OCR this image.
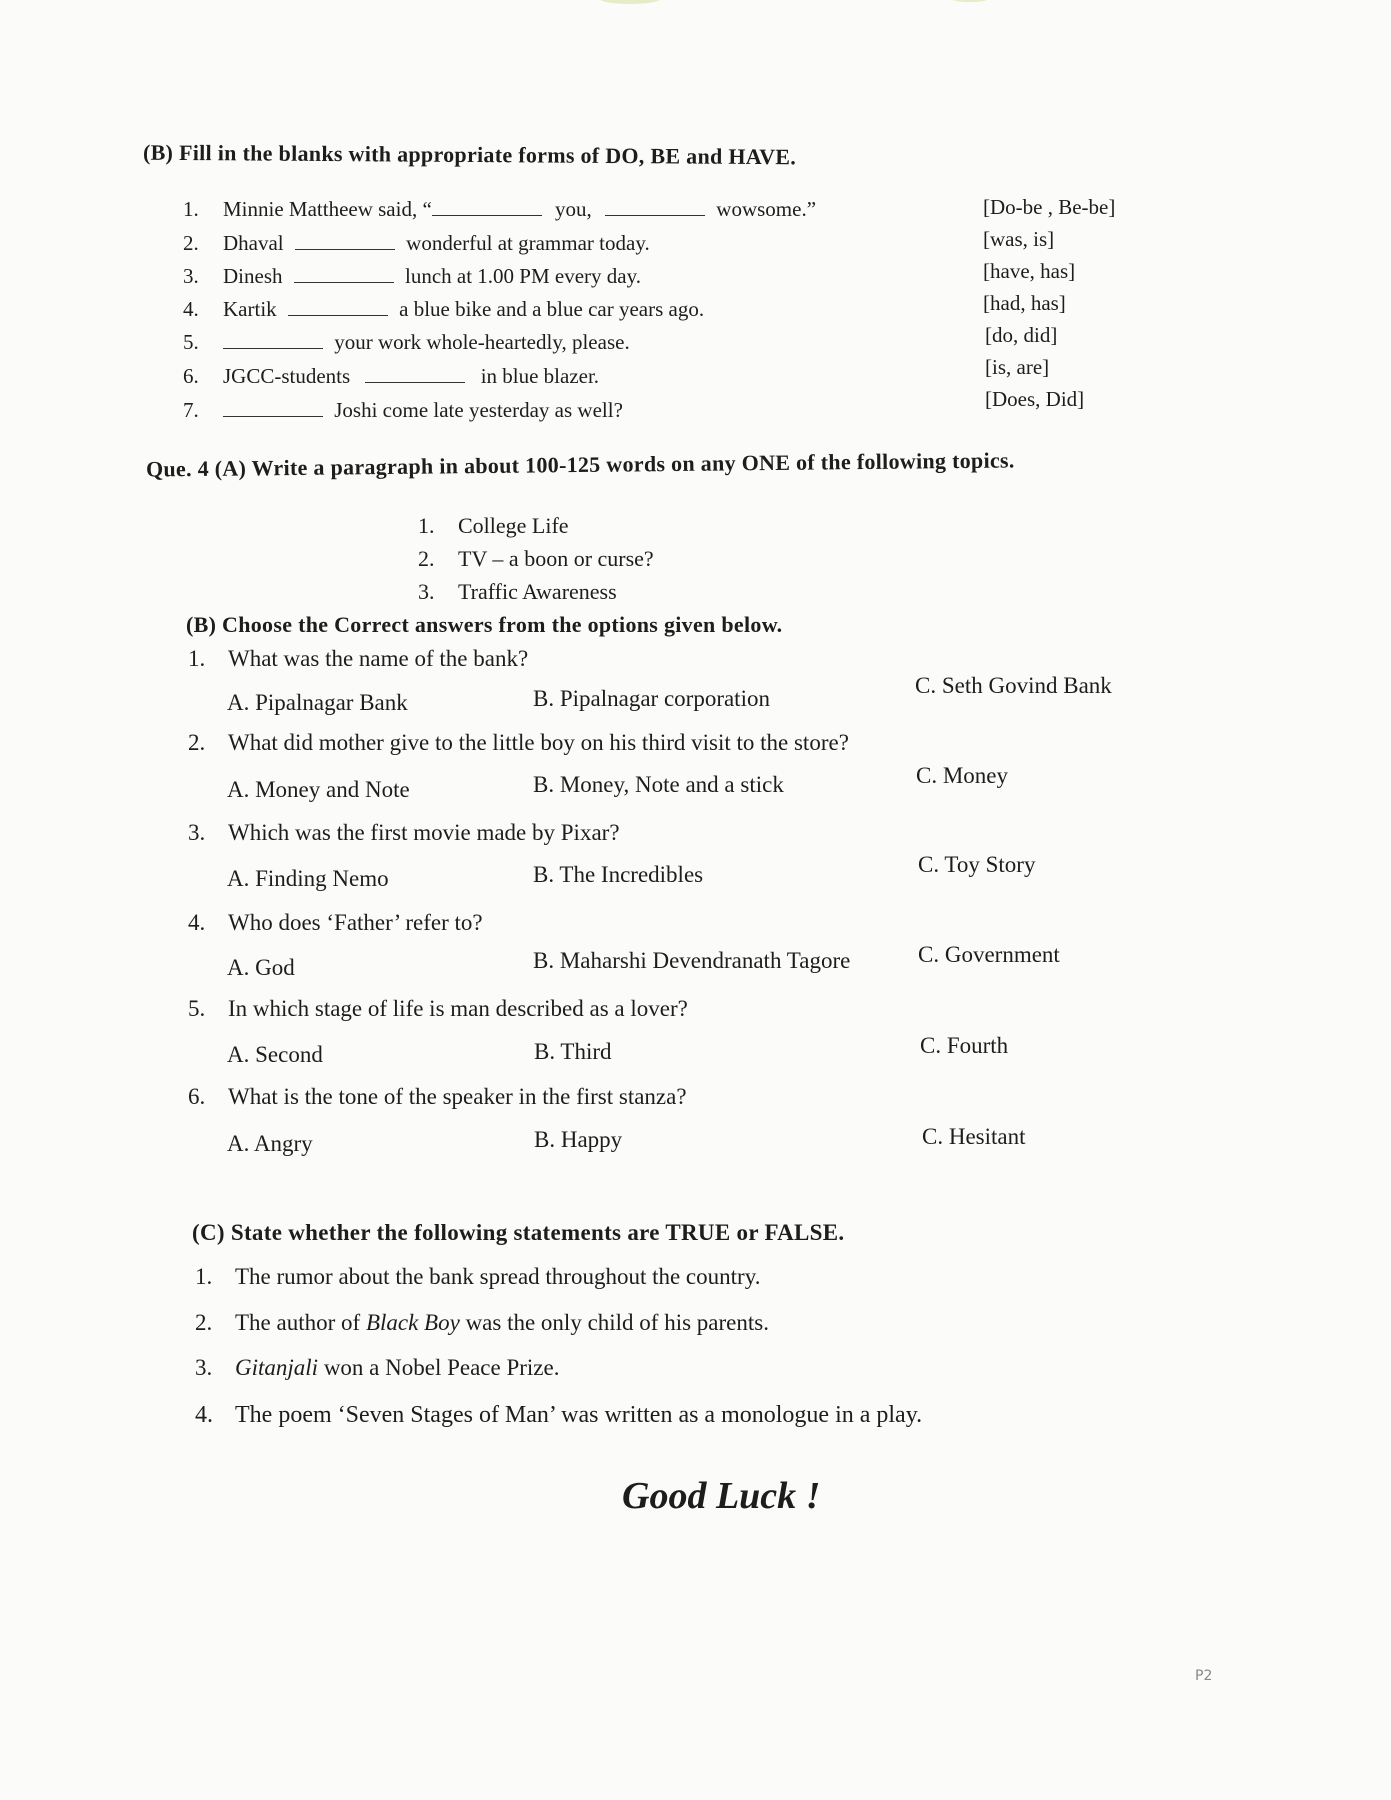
(B) Fill in the blanks with appropriate forms of DO, BE and HAVE.
1. Minnie Mattheew said, “	you,	wowsome.”
2. Dhaval	wonderful at grammar today.
3. Dinesh	lunch at 1.00 PM every day.
4. Kartik	a blue bike and a blue car years ago.
5.	your work whole-heartedly, please.
6. JGCC-students	in blue blazer.
7.	Joshi come late yesterday as well?
[Do-be , Be-be]
[was, is]
[have, has]
[had, has]
[do, did]
[is, are]
[Does, Did]
Que. 4 (A) Write a paragraph in about 100-125 words on any ONE of the following topics.
1. College Life
2. TV – a boon or curse?
3. Traffic Awareness
(B) Choose the Correct answers from the options given below.
1. What was the name of the bank?
A. Pipalnagar Bank	B. Pipalnagar corporation
C. Seth Govind Bank
2. What did mother give to the little boy on his third visit to the store?
A. Money and Note	B. Money, Note and a stick	C. Money
3. Which was the first movie made by Pixar?
A. Finding Nemo	B. The Incredibles	C. Toy Story
4. Who does ‘Father’ refer to?
A. God	B. Maharshi Devendranath Tagore	C. Government
5. In which stage of life is man described as a lover?
A. Second	B. Third	C. Fourth
6. What is the tone of the speaker in the first stanza?
A. Angry	B. Happy	C. Hesitant
(C) State whether the following statements are TRUE or FALSE.
1. The rumor about the bank spread throughout the country.
2. The author of Black Boy was the only child of his parents.
3. Gitanjali won a Nobel Peace Prize.
4. The poem ‘Seven Stages of Man’ was written as a monologue in a play.
Good Luck !
P2
